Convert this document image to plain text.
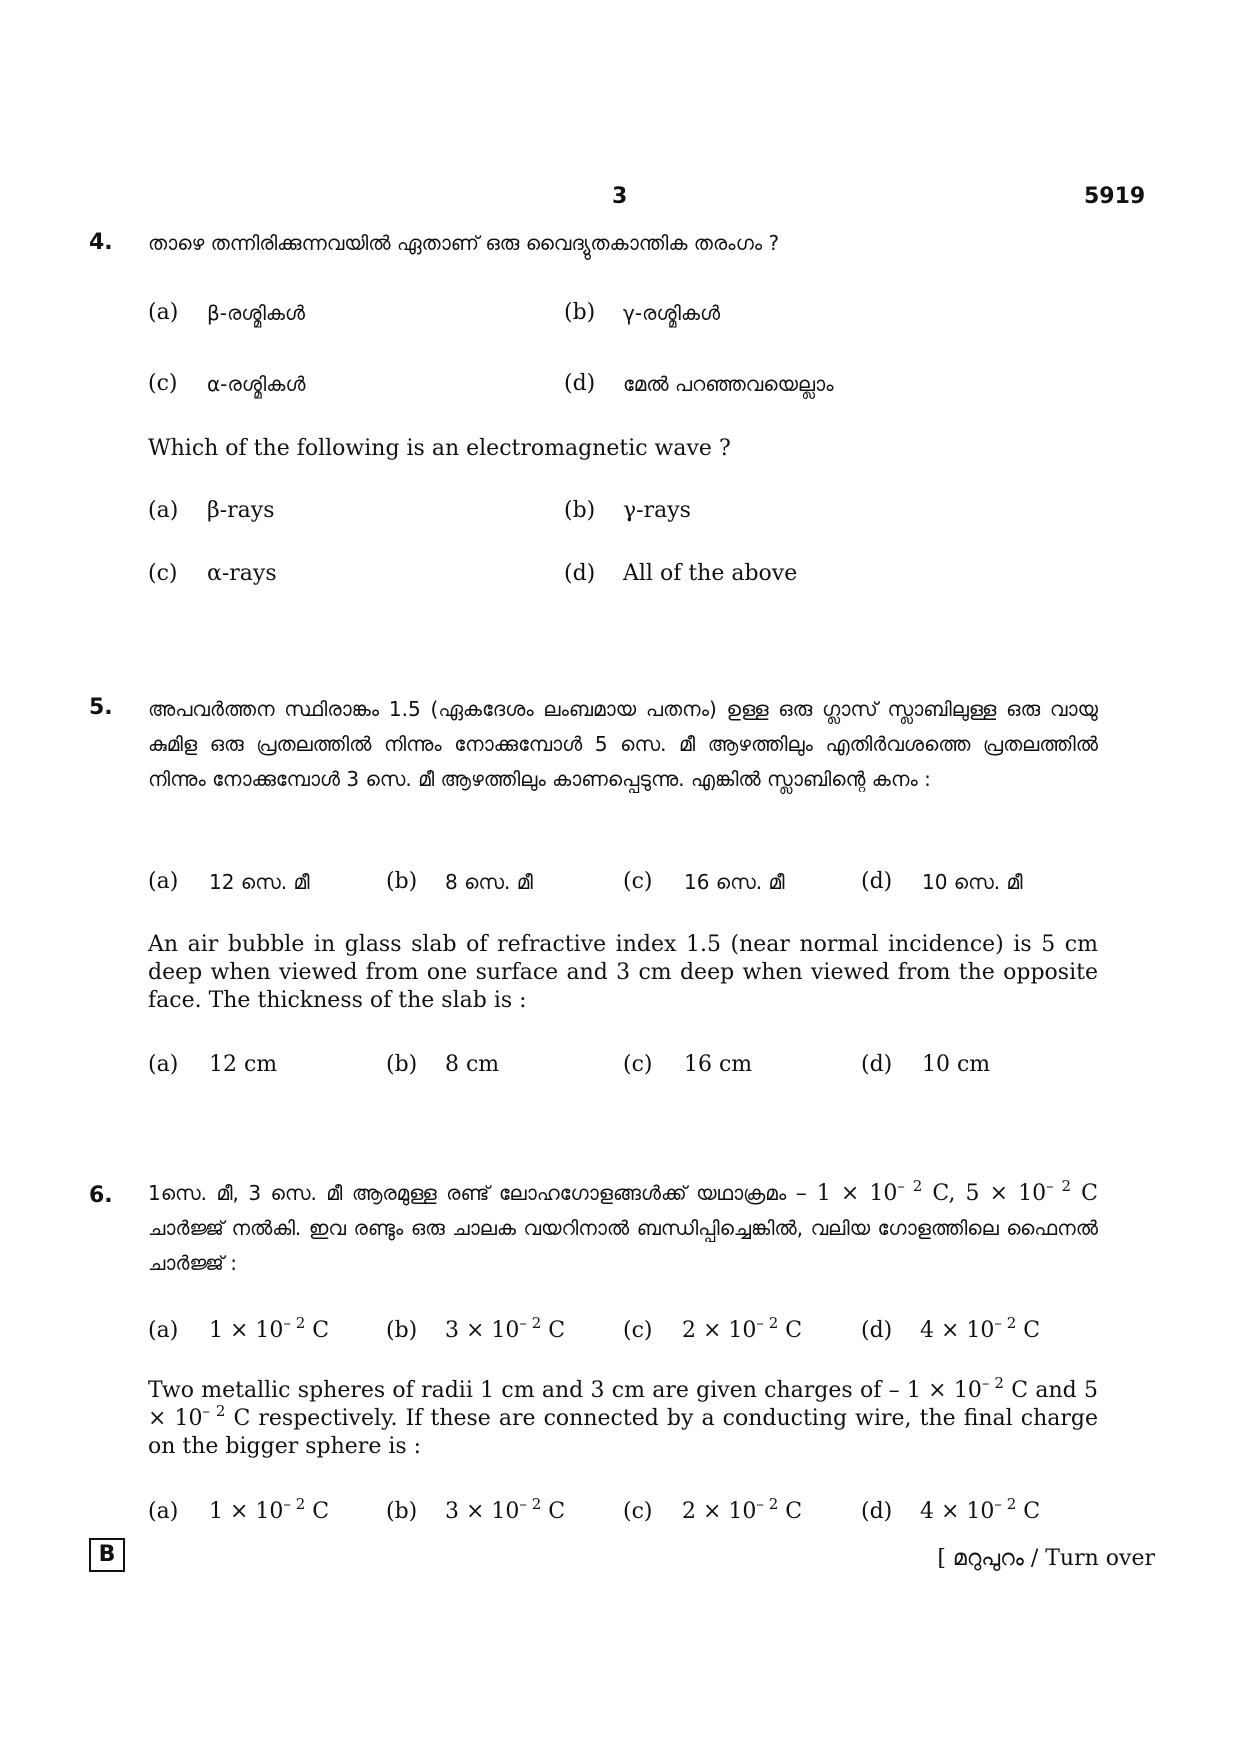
3	5919
4. താഴെ തന്നിരിക്കുന്നവയിൽ ഏതാണ് ഒരു വൈദ്യുതകാന്തിക തരംഗം ?
(a) β-രശ്മികൾ	(b) γ-രശ്മികൾ
(c) α-രശ്മികൾ	(d) മേൽ പറഞ്ഞവയെല്ലാം
Which of the following is an electromagnetic wave ?
(a) β-rays	(b) γ-rays
(c) α-rays	(d) All of the above
5. അപവർത്തന സ്ഥിരാങ്കം 1.5 (ഏകദേശം ലംബമായ പതനം) ഉള്ള ഒരു ഗ്ലാസ് സ്ലാബിലുള്ള ഒരു വായു കുമിള ഒരു പ്രതലത്തിൽ നിന്നും നോക്കുമ്പോൾ 5 സെ. മീ ആഴത്തിലും എതിർവശത്തെ പ്രതലത്തിൽ നിന്നും നോക്കുമ്പോൾ 3 സെ. മീ ആഴത്തിലും കാണപ്പെടുന്നു. എങ്കിൽ സ്ലാബിന്റെ കനം :
(a) 12 സെ. മീ	(b) 8 സെ. മീ	(c) 16 സെ. മീ	(d) 10 സെ. മീ
An air bubble in glass slab of refractive index 1.5 (near normal incidence) is 5 cm deep when viewed from one surface and 3 cm deep when viewed from the opposite face. The thickness of the slab is :
(a) 12 cm	(b) 8 cm	(c) 16 cm	(d) 10 cm
6. 1സെ. മീ, 3 സെ. മീ ആരമുള്ള രണ്ട് ലോഹഗോളങ്ങൾക്ക് യഥാക്രമം – $1 \times 10^{- 2}$ C, $5 \times 10^{- 2}$ C ചാർജ്ജ് നൽകി. ഇവ രണ്ടും ഒരു ചാലക വയറിനാൽ ബന്ധിപ്പിച്ചെങ്കിൽ, വലിയ ഗോളത്തിലെ ഫൈനൽ ചാർജ്ജ് :
(a) $1 \times 10^{- 2}$ C	(b) $3 \times 10^{- 2}$ C	(c) $2 \times 10^{- 2}$ C	(d) $4 \times 10^{- 2}$ C
Two metallic spheres of radii 1 cm and 3 cm are given charges of – $1 \times 10^{- 2}$ C and $5 \times 10^{- 2}$ C respectively. If these are connected by a conducting wire, the final charge on the bigger sphere is :
(a) $1 \times 10^{- 2}$ C	(b) $3 \times 10^{- 2}$ C	(c) $2 \times 10^{- 2}$ C	(d) $4 \times 10^{- 2}$ C
B	[ മറുപുറം / Turn over
